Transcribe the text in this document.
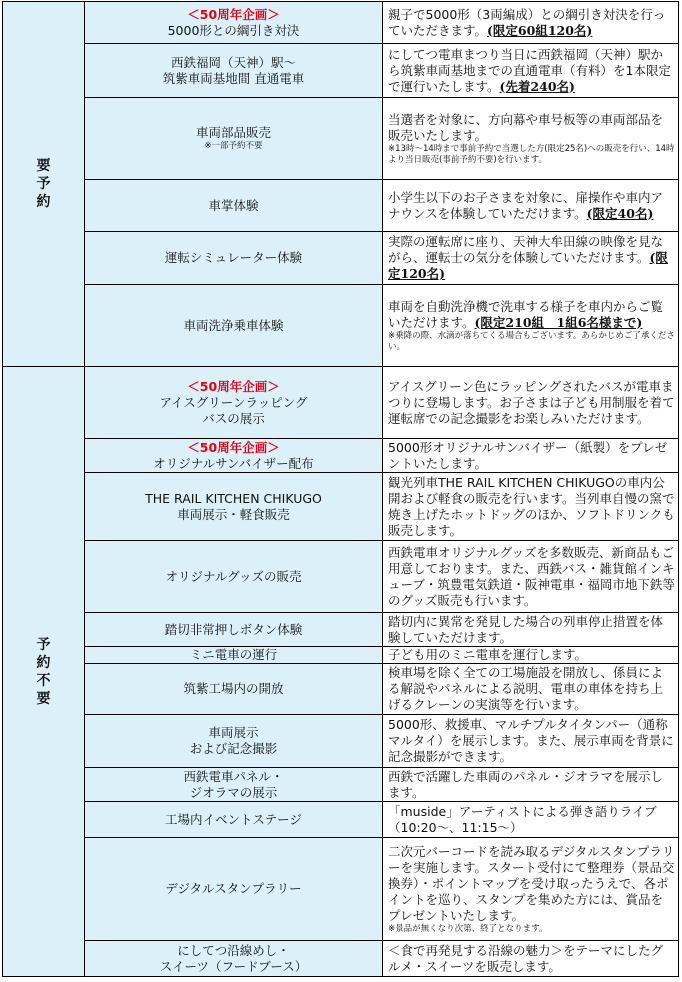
要
予
約	＜50周年企画＞
5000形との綱引き対決	親子で5000形（3両編成）との綱引き対決を行っていただきます。(限定60組120名)

	西鉄福岡（天神）駅～
筑紫車両基地間 直通電車	にしてつ電車まつり当日に西鉄福岡（天神）駅から筑紫車両基地までの直通電車（有料）を1本限定で運行いたします。(先着240名)

	車両部品販売
※一部予約不要	当選者を対象に、方向幕や車号板等の車両部品を販売いたします。
※13時～14時まで事前予約で当選した方(限定25名)への販売を行い、14時より当日販売(事前予約不要)を行います。

	車掌体験	小学生以下のお子さまを対象に、扉操作や車内アナウンスを体験していただけます。(限定40名)

	運転シミュレーター体験	実際の運転席に座り、天神大牟田線の映像を見ながら、運転士の気分を体験していただけます。(限定120名)

	車両洗浄乗車体験	車両を自動洗浄機で洗車する様子を車内からご覧いただけます。(限定210組　1組6名様まで)
※乗降の際、水滴が落ちてくる場合もございます。あらかじめご了承ください。

予
約
不
要	＜50周年企画＞
アイスグリーンラッピング
バスの展示	アイスグリーン色にラッピングされたバスが電車まつりに登場します。お子さまは子ども用制服を着て運転席での記念撮影をお楽しみいただけます。

	＜50周年企画＞
オリジナルサンバイザー配布	5000形オリジナルサンバイザー（紙製）をプレゼントいたします。

	THE RAIL KITCHEN CHIKUGO
車両展示・軽食販売	観光列車THE RAIL KITCHEN CHIKUGOの車内公開および軽食の販売を行います。当列車自慢の窯で焼き上げたホットドッグのほか、ソフトドリンクも販売します。

	オリジナルグッズの販売	西鉄電車オリジナルグッズを多数販売、新商品もご用意しております。また、西鉄バス・雑貨館インキューブ・筑豊電気鉄道・阪神電車・福岡市地下鉄等のグッズ販売も行います。

	踏切非常押しボタン体験	踏切内に異常を発見した場合の列車停止措置を体験していただけます。

	ミニ電車の運行	子ども用のミニ電車を運行します。

	筑紫工場内の開放	検車場を除く全ての工場施設を開放し、係員による解説やパネルによる説明、電車の車体を持ち上げるクレーンの実演等を行います。

	車両展示
および記念撮影	5000形、救援車、マルチプルタイタンパー（通称マルタイ）を展示します。また、展示車両を背景に記念撮影ができます。

	西鉄電車パネル・
ジオラマの展示	西鉄で活躍した車両のパネル・ジオラマを展示します。

	工場内イベントステージ	「muside」アーティストによる弾き語りライブ（10:20～、11:15～）

	デジタルスタンプラリー	二次元バーコードを読み取るデジタルスタンプラリーを実施します。スタート受付にて整理券（景品交換券）・ポイントマップを受け取ったうえで、各ポイントを巡り、スタンプを集めた方には、賞品をプレゼントいたします。
※景品が無くなり次第、終了となります。

	にしてつ沿線めし・
スイーツ（フードブース）	＜食で再発見する沿線の魅力＞をテーマにしたグルメ・スイーツを販売します。
